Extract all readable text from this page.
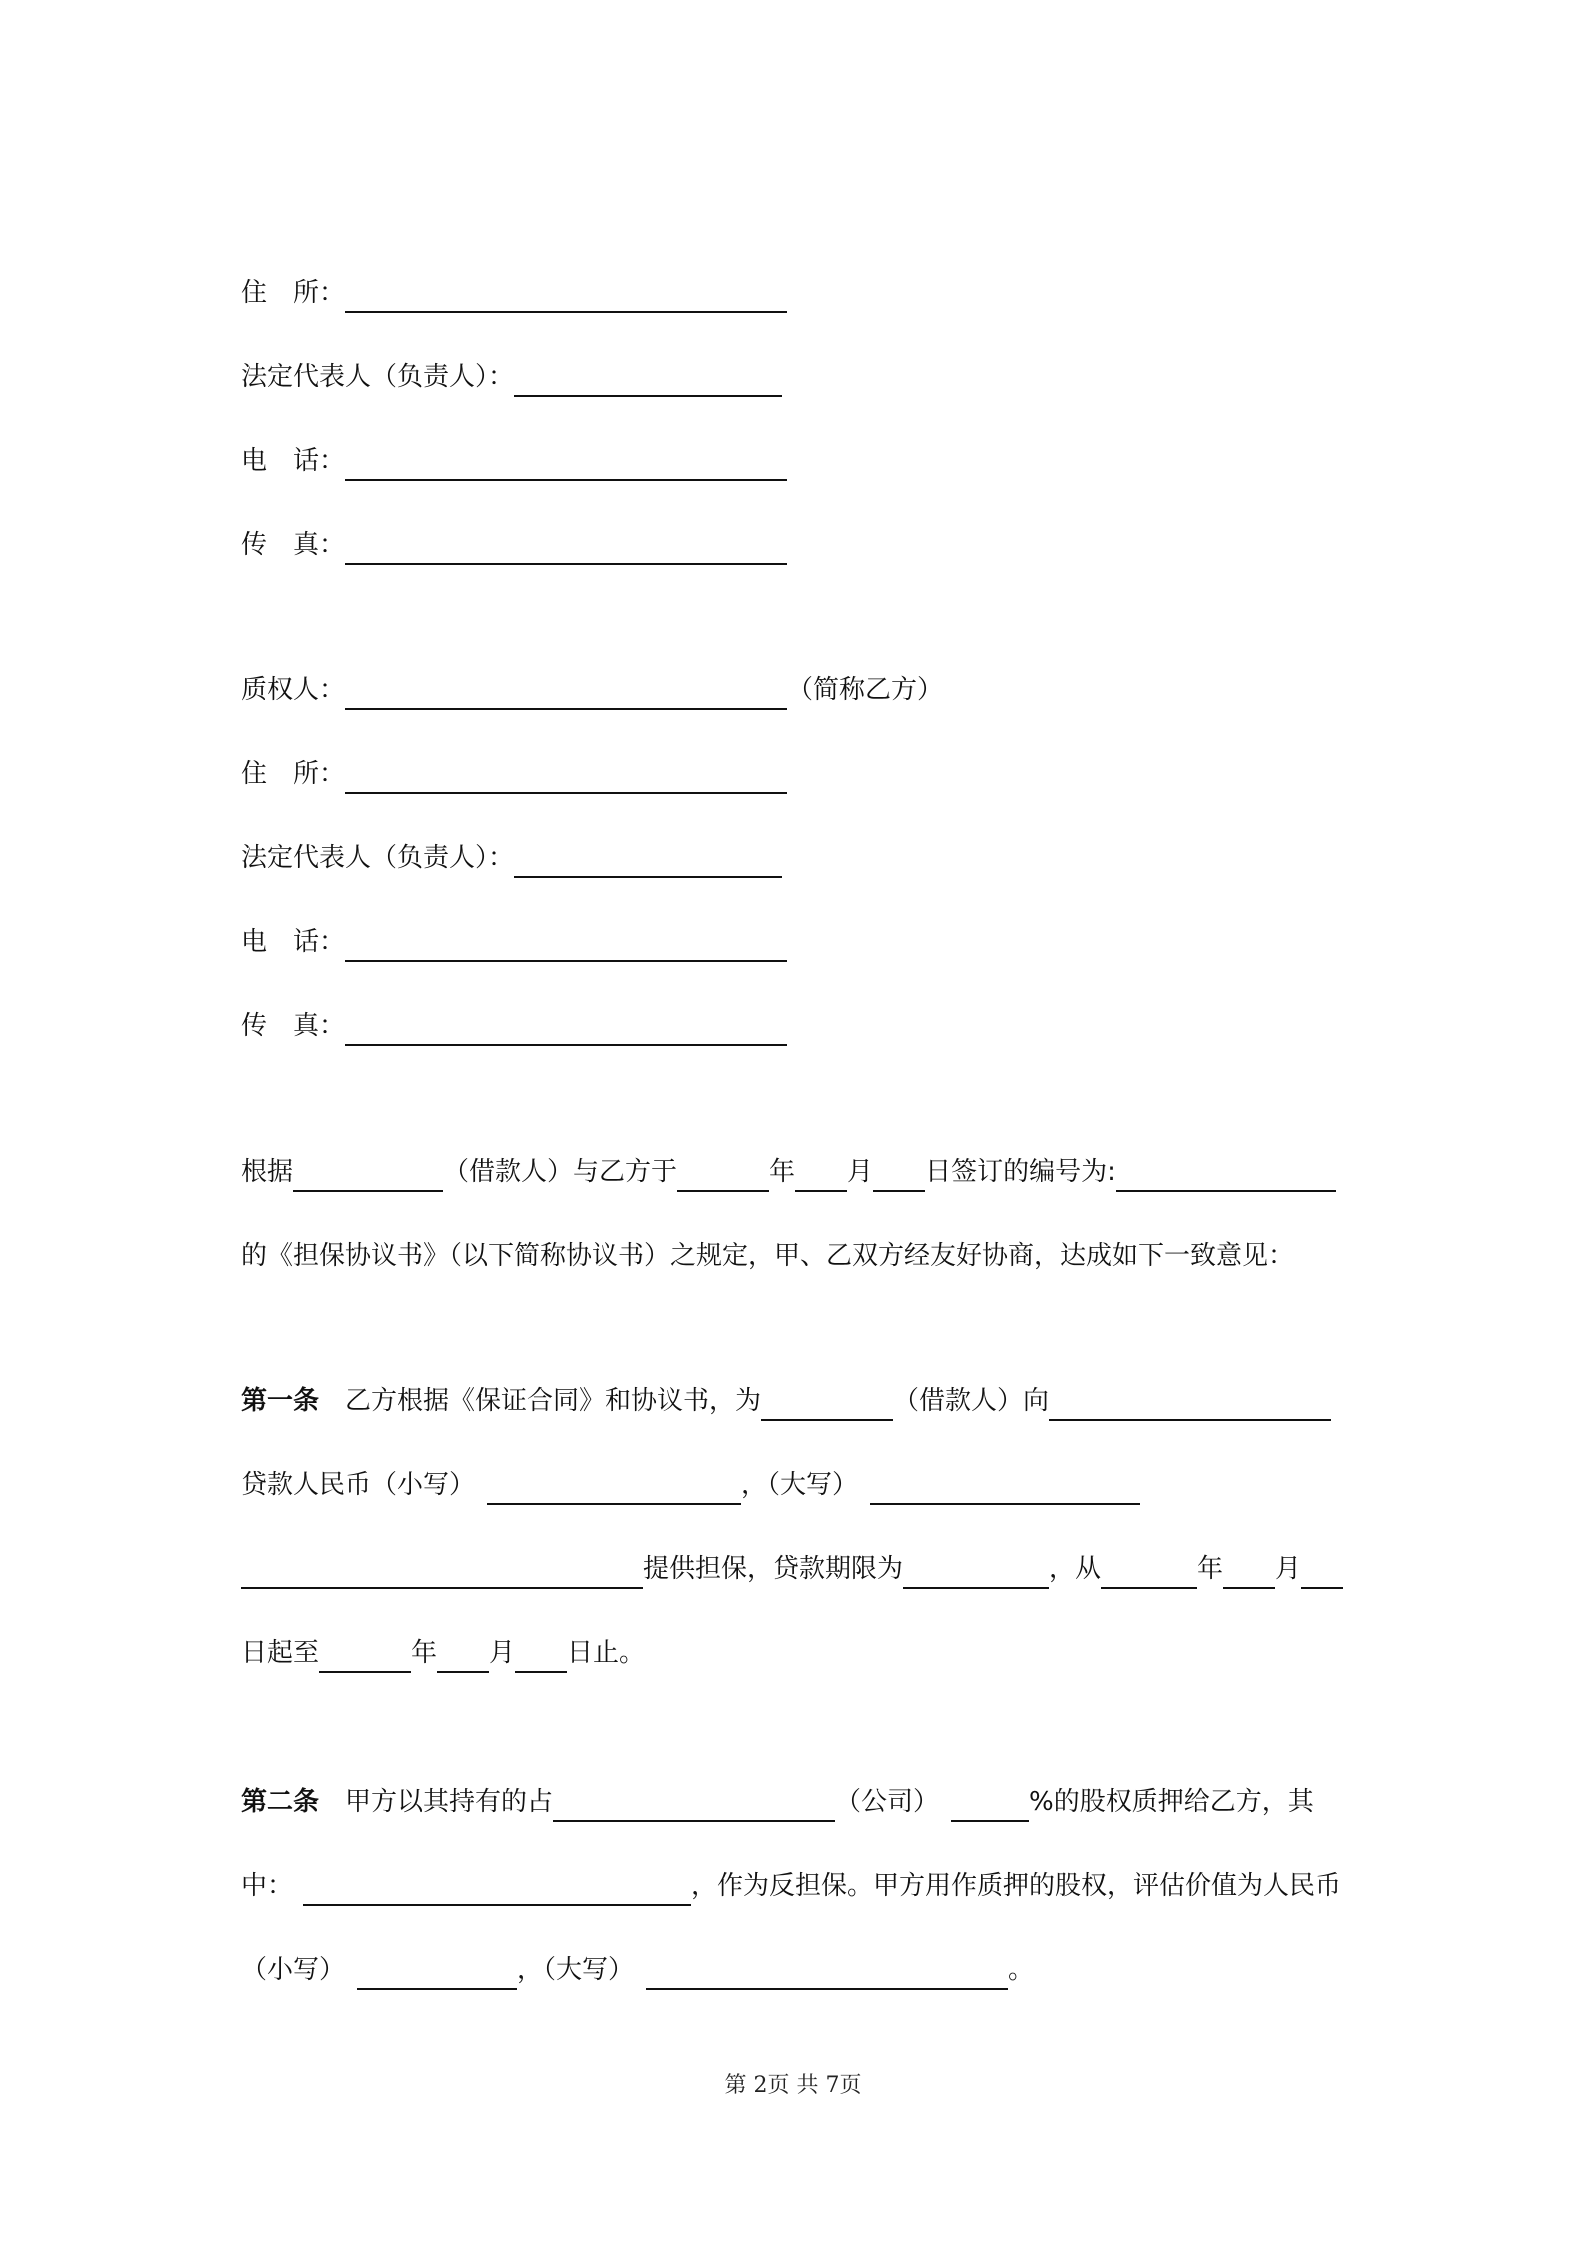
住　所：
法定代表人（负责人）：
电　话：
传　真：
质权人：	（简称乙方）
住　所：
法定代表人（负责人）：
电　话：
传　真：
根据	（借款人）与乙方于	年 月 日签订的编号为:
的《担保协议书》（以下简称协议书）之规定，甲、乙双方经友好协商，达成如下一致意见：
第一条 乙方根据《保证合同》和协议书，为	（借款人）向
贷款人民币（小写）	，（大写）
提供担保，贷款期限为	，从	年 月
日起至	年 月 日止。
第二条 甲方以其持有的占	（公司）	%的股权质押给乙方，其
中：	，作为反担保。甲方用作质押的股权，评估价值为人民币
（小写）	，（大写）	。
第 2页 共 7页
